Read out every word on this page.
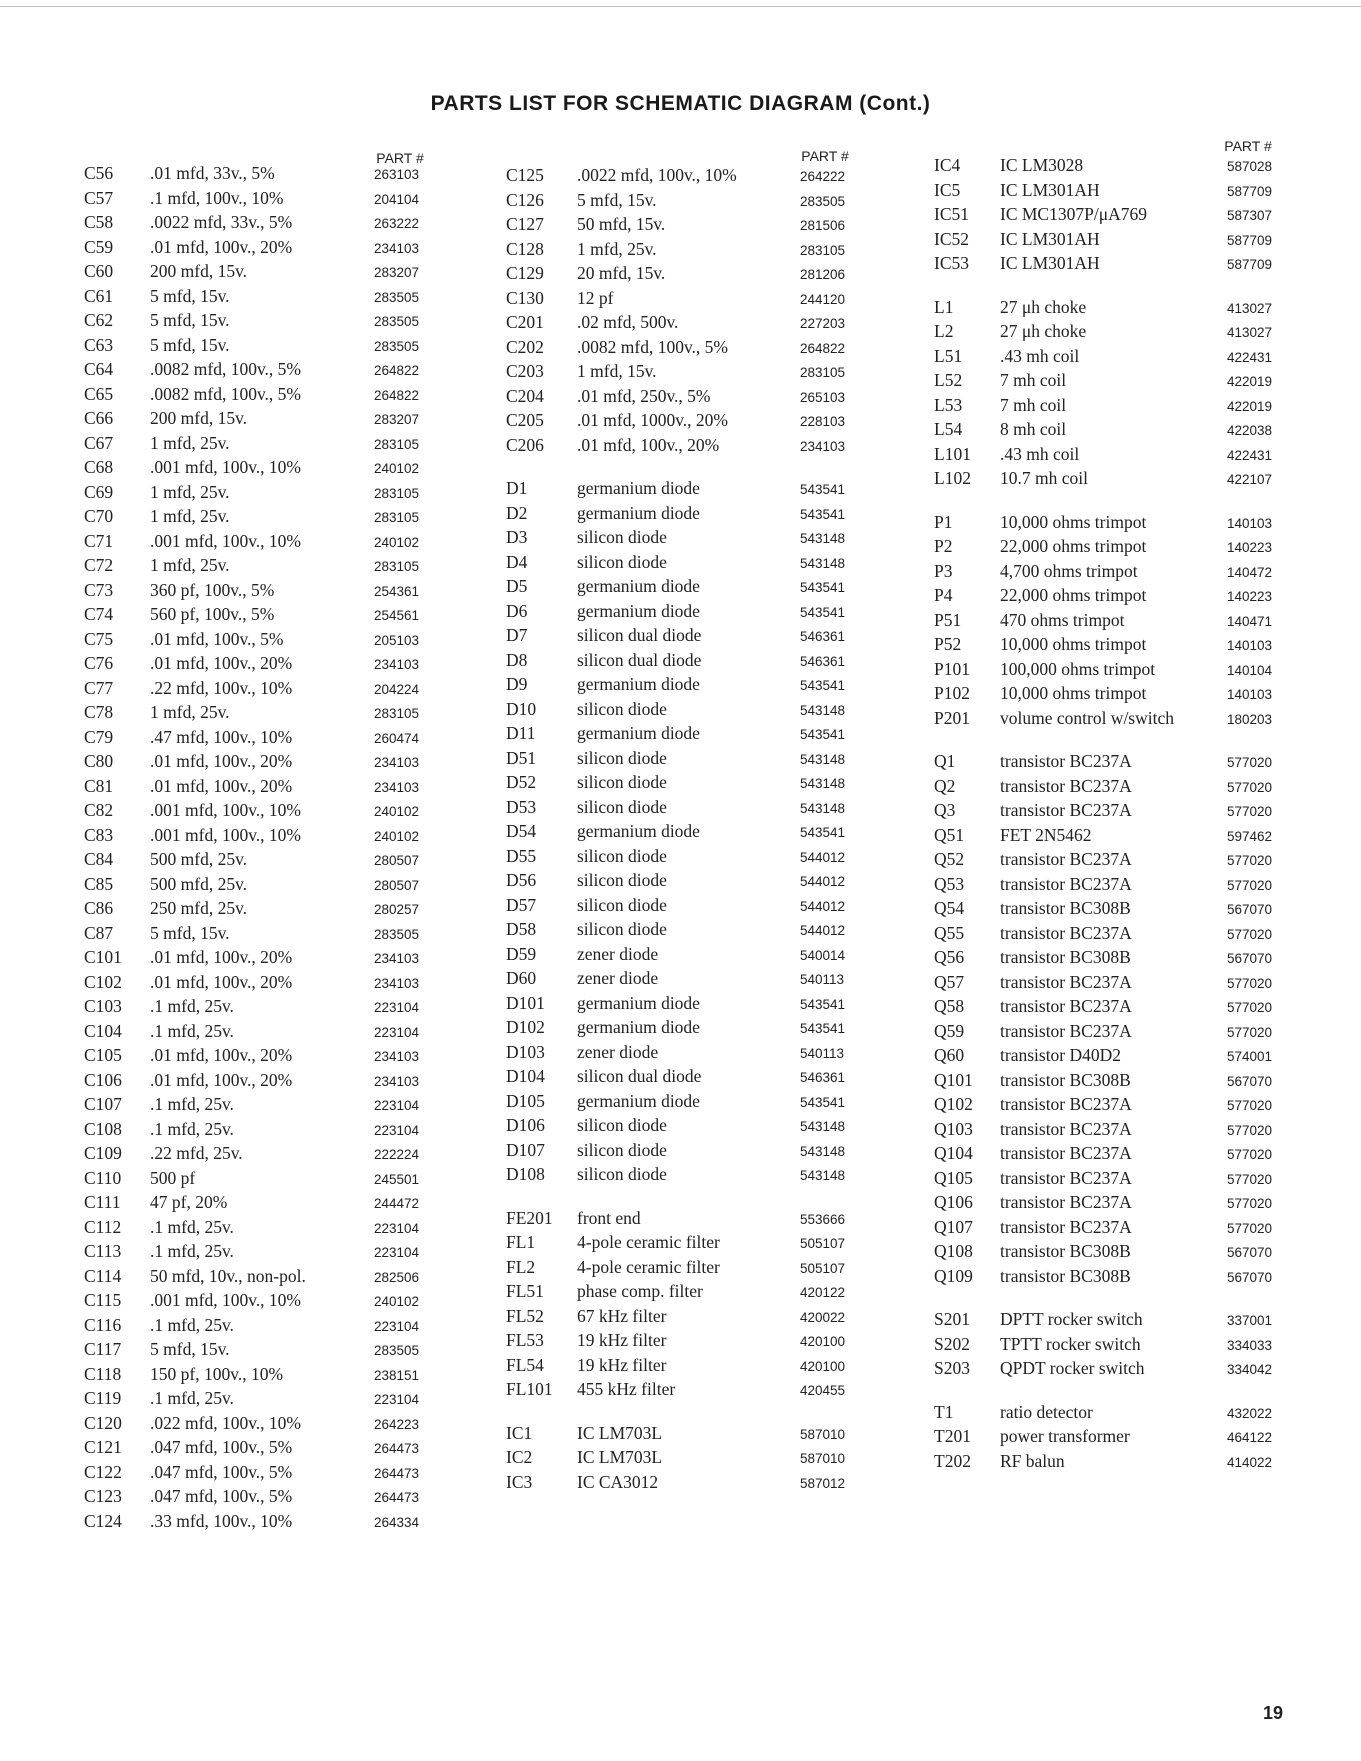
PARTS LIST FOR SCHEMATIC DIAGRAM (Cont.)
PART #
C56 .01 mfd, 33v., 5%	263103
C57 .1 mfd, 100v., 10%	204104
C58 .0022 mfd, 33v., 5%	263222
C59 .01 mfd, 100v., 20%	234103
C60 200 mfd, 15v.	283207
C61 5 mfd, 15v.	283505
C62 5 mfd, 15v.	283505
C63 5 mfd, 15v.	283505
C64 .0082 mfd, 100v., 5%	264822
C65 .0082 mfd, 100v., 5%	264822
C66 200 mfd, 15v.	283207
C67 1 mfd, 25v.	283105
C68 .001 mfd, 100v., 10%	240102
C69 1 mfd, 25v.	283105
C70 1 mfd, 25v.	283105
C71 .001 mfd, 100v., 10%	240102
C72 1 mfd, 25v.	283105
C73 360 pf, 100v., 5%	254361
C74 560 pf, 100v., 5%	254561
C75 .01 mfd, 100v., 5%	205103
C76 .01 mfd, 100v., 20%	234103
C77 .22 mfd, 100v., 10%	204224
C78 1 mfd, 25v.	283105
C79 .47 mfd, 100v., 10%	260474
C80 .01 mfd, 100v., 20%	234103
C81 .01 mfd, 100v., 20%	234103
C82 .001 mfd, 100v., 10%	240102
C83 .001 mfd, 100v., 10%	240102
C84 500 mfd, 25v.	280507
C85 500 mfd, 25v.	280507
C86 250 mfd, 25v.	280257
C87 5 mfd, 15v.	283505
C101 .01 mfd, 100v., 20%	234103
C102 .01 mfd, 100v., 20%	234103
C103 .1 mfd, 25v.	223104
C104 .1 mfd, 25v.	223104
C105 .01 mfd, 100v., 20%	234103
C106 .01 mfd, 100v., 20%	234103
C107 .1 mfd, 25v.	223104
C108 .1 mfd, 25v.	223104
C109 .22 mfd, 25v.	222224
C110 500 pf	245501
C111 47 pf, 20%	244472
C112 .1 mfd, 25v.	223104
C113 .1 mfd, 25v.	223104
C114 50 mfd, 10v., non-pol.	282506
C115 .001 mfd, 100v., 10%	240102
C116 .1 mfd, 25v.	223104
C117 5 mfd, 15v.	283505
C118 150 pf, 100v., 10%	238151
C119 .1 mfd, 25v.	223104
C120 .022 mfd, 100v., 10%	264223
C121 .047 mfd, 100v., 5%	264473
C122 .047 mfd, 100v., 5%	264473
C123 .047 mfd, 100v., 5%	264473
C124 .33 mfd, 100v., 10%	264334
PART #
C125 .0022 mfd, 100v., 10%	264222
C126 5 mfd, 15v.	283505
C127 50 mfd, 15v.	281506
C128 1 mfd, 25v.	283105
C129 20 mfd, 15v.	281206
C130 12 pf	244120
C201 .02 mfd, 500v.	227203
C202 .0082 mfd, 100v., 5%	264822
C203 1 mfd, 15v.	283105
C204 .01 mfd, 250v., 5%	265103
C205 .01 mfd, 1000v., 20%	228103
C206 .01 mfd, 100v., 20%	234103
D1	germanium diode	543541
D2	germanium diode	543541
D3	silicon diode	543148
D4	silicon diode	543148
D5	germanium diode	543541
D6	germanium diode	543541
D7	silicon dual diode	546361
D8	silicon dual diode	546361
D9	germanium diode	543541
D10 silicon diode	543148
D11 germanium diode	543541
D51 silicon diode	543148
D52 silicon diode	543148
D53 silicon diode	543148
D54 germanium diode	543541
D55 silicon diode	544012
D56 silicon diode	544012
D57 silicon diode	544012
D58 silicon diode	544012
D59 zener diode	540014
D60 zener diode	540113
D101 germanium diode	543541
D102 germanium diode	543541
D103 zener diode	540113
D104 silicon dual diode	546361
D105 germanium diode	543541
D106 silicon diode	543148
D107 silicon diode	543148
D108 silicon diode	543148
FE201 front end	553666
FL1 4-pole ceramic filter	505107
FL2 4-pole ceramic filter	505107
FL51 phase comp. filter	420122
FL52 67 kHz filter	420022
FL53 19 kHz filter	420100
FL54 19 kHz filter	420100
FL101 455 kHz filter	420455
IC1	IC LM703L	587010
IC2	IC LM703L	587010
IC3	IC CA3012	587012
PART #
IC4 IC LM3028	587028
IC5 IC LM301AH	587709
IC51 IC MC1307P/μA769	587307
IC52 IC LM301AH	587709
IC53 IC LM301AH	587709
L1	27 μh choke	413027
L2	27 μh choke	413027
L51 .43 mh coil	422431
L52 7 mh coil	422019
L53 7 mh coil	422019
L54 8 mh coil	422038
L101 .43 mh coil	422431
L102 10.7 mh coil	422107
P1	10,000 ohms trimpot	140103
P2	22,000 ohms trimpot	140223
P3	4,700 ohms trimpot	140472
P4	22,000 ohms trimpot	140223
P51 470 ohms trimpot	140471
P52 10,000 ohms trimpot	140103
P101 100,000 ohms trimpot	140104
P102 10,000 ohms trimpot	140103
P201 volume control w/switch	180203
Q1	transistor BC237A	577020
Q2	transistor BC237A	577020
Q3	transistor BC237A	577020
Q51 FET 2N5462	597462
Q52 transistor BC237A	577020
Q53 transistor BC237A	577020
Q54 transistor BC308B	567070
Q55 transistor BC237A	577020
Q56 transistor BC308B	567070
Q57 transistor BC237A	577020
Q58 transistor BC237A	577020
Q59 transistor BC237A	577020
Q60 transistor D40D2	574001
Q101 transistor BC308B	567070
Q102 transistor BC237A	577020
Q103 transistor BC237A	577020
Q104 transistor BC237A	577020
Q105 transistor BC237A	577020
Q106 transistor BC237A	577020
Q107 transistor BC237A	577020
Q108 transistor BC308B	567070
Q109 transistor BC308B	567070
S201 DPTT rocker switch	337001
S202 TPTT rocker switch	334033
S203 QPDT rocker switch	334042
T1	ratio detector	432022
T201 power transformer	464122
T202 RF balun	414022
19
